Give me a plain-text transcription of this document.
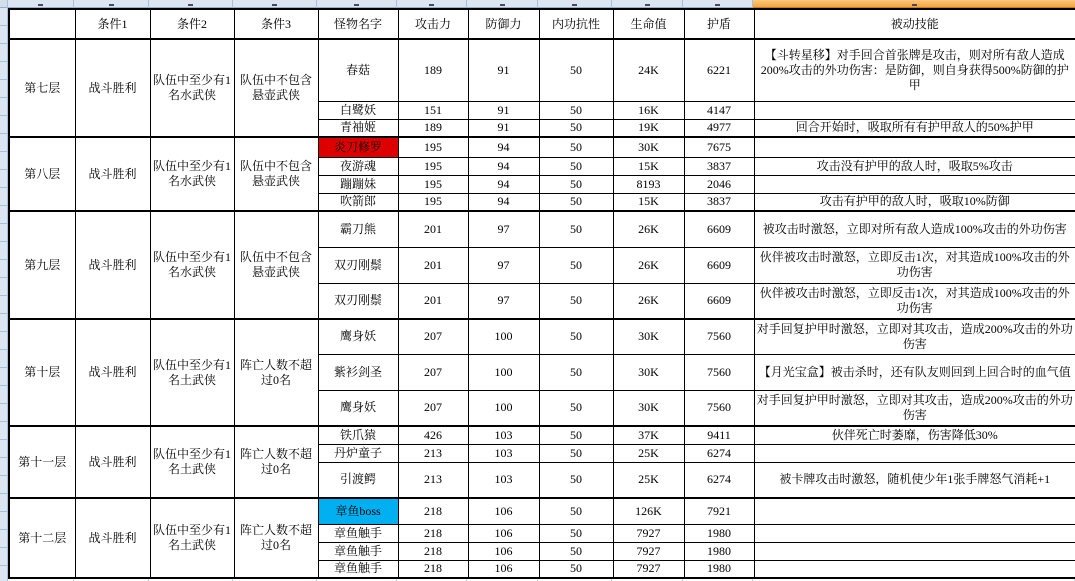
	条件1	条件2	条件3	怪物名字	攻击力	防御力	内功抗性	生命值	护盾	被动技能
第七层	战斗胜利	队伍中至少有1名水武侠	队伍中不包含悬壶武侠	春菇	189	91	50	24K	6221	【斗转星移】对手回合首张牌是攻击，则对所有敌人造成200%攻击的外功伤害：是防御，则自身获得500%防御的护甲
				白鹭妖	151	91	50	16K	4147	
				青袖姬	189	91	50	19K	4977	回合开始时，吸取所有有护甲敌人的50%护甲
第八层	战斗胜利	队伍中至少有1名水武侠	队伍中不包含悬壶武侠	炎刀修罗	195	94	50	30K	7675	
				夜游魂	195	94	50	15K	3837	攻击没有护甲的敌人时，吸取5%攻击
				蹦蹦妹	195	94	50	8193	2046	
				吹箭郎	195	94	50	15K	3837	攻击有护甲的敌人时，吸取10%防御
第九层	战斗胜利	队伍中至少有1名水武侠	队伍中不包含悬壶武侠	霸刀熊	201	97	50	26K	6609	被攻击时激怒，立即对所有敌人造成100%攻击的外功伤害
				双刃刚鬃	201	97	50	26K	6609	伙伴被攻击时激怒，立即反击1次，对其造成100%攻击的外功伤害
				双刃刚鬃	201	97	50	26K	6609	伙伴被攻击时激怒，立即反击1次，对其造成100%攻击的外功伤害
第十层	战斗胜利	队伍中至少有1名土武侠	阵亡人数不超过0名	鹰身妖	207	100	50	30K	7560	对手回复护甲时激怒，立即对其攻击，造成200%攻击的外功伤害
				紫衫剑圣	207	100	50	30K	7560	【月光宝盒】被击杀时，还有队友则回到上回合时的血气值
				鹰身妖	207	100	50	30K	7560	对手回复护甲时激怒，立即对其攻击，造成200%攻击的外功伤害
第十一层	战斗胜利	队伍中至少有1名土武侠	阵亡人数不超过0名	铁爪猿	426	103	50	37K	9411	伙伴死亡时萎靡，伤害降低30%
				丹炉童子	213	103	50	25K	6274	
				引渡鳄	213	103	50	25K	6274	被卡牌攻击时激怒，随机使少年1张手牌怒气消耗+1
第十二层	战斗胜利	队伍中至少有1名土武侠	阵亡人数不超过0名	章鱼boss	218	106	50	126K	7921	
				章鱼触手	218	106	50	7927	1980	
				章鱼触手	218	106	50	7927	1980	
				章鱼触手	218	106	50	7927	1980	
